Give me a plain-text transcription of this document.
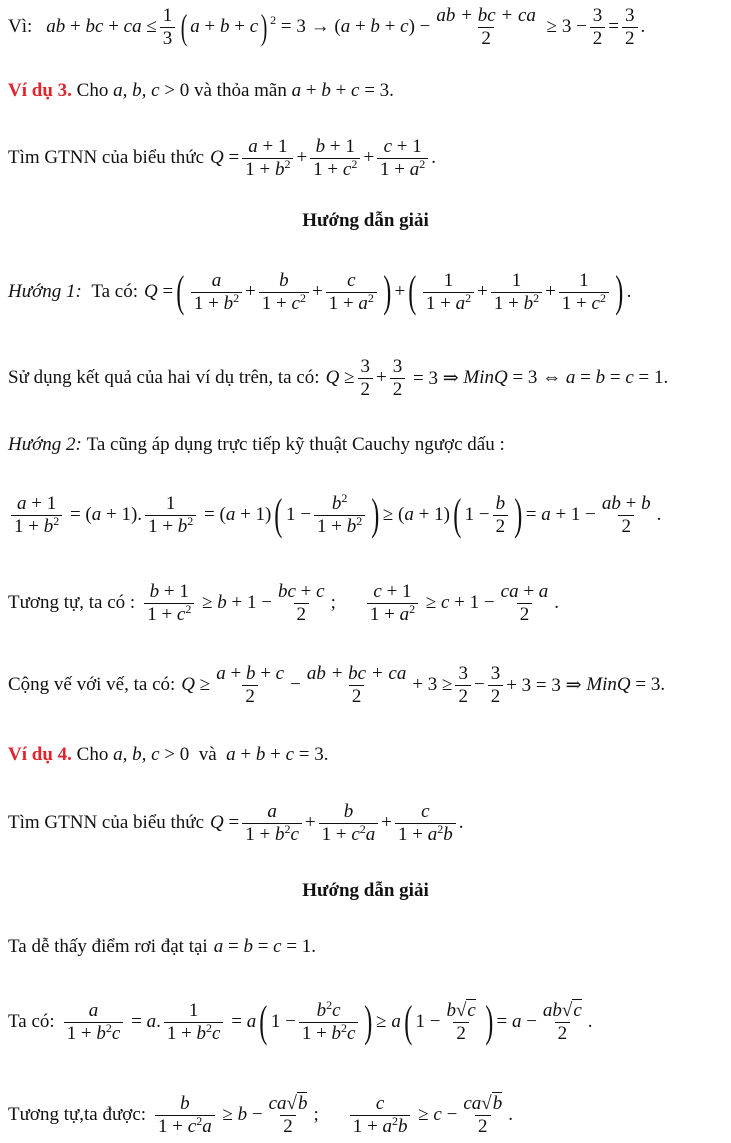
Vì: ab + bc + ca ≤ $\frac{1}{3}$ ( a + b + c ) 2 = 3 → ( a + b + c ) − $\frac{ab + bc + ca}{2} \ge 3 - \frac{3}{2} = \frac{3}{2}$ .
Ví dụ 3.
Cho
a, b, c > 0 và thỏa mãn
a + b + c = 3.
Tìm GTNN của biểu thức $Q = \frac{a + 1}{1 + b^2} + \frac{b + 1}{1 + c^2} + \frac{c + 1}{1 + a^2}$ .
Hướng dẫn giải
Hướng 1:
Ta có: Q = ( $\frac{a}{1 + b^2} + \frac{b}{1 + c^2} + \frac{c}{1 + a^2}$ ) + ( $\frac{1}{1 + a^2} + \frac{1}{1 + b^2} + \frac{1}{1 + c^2}$ ) .
Sử dụng kết quả của hai ví dụ trên, ta có: $Q \ge \frac{3}{2} + \frac{3}{2} = 3$ ⇒ MinQ = 3 ⇔ a = b = c = 1.
Hướng 2:
Ta cũng áp dụng trực tiếp kỹ thuật Cauchy ngược dấu :
$\frac{a + 1}{1 + b^2}$ = ( a + 1). $\frac{1}{1 + b^2}$ = ( a + 1) ( $1 - \frac{b^2}{1 + b^2}$ ) ≥ ( a + 1) ( $1 - \frac{b}{2}$ ) = $a + 1 - \frac{ab + b}{2}$ .
Tương tự, ta có : $\frac{b + 1}{1 + c^2} \ge b + 1 - \frac{bc + c}{2}$ ; $\frac{c + 1}{1 + a^2} \ge c + 1 - \frac{ca + a}{2}$ .
Cộng vế với vế, ta có: $Q \ge \frac{a + b + c}{2} - \frac{ab + bc + ca}{2} + 3 \ge \frac{3}{2} - \frac{3}{2} + 3 = 3$ ⇒ MinQ = 3.
Ví dụ 4.
Cho
a, b, c > 0 và
a + b + c = 3.
Tìm GTNN của biểu thức $Q = \frac{a}{1 + b^2c} + \frac{b}{1 + c^2a} + \frac{c}{1 + a^2b}$ .
Hướng dẫn giải
Ta dễ thấy điểm rơi đạt tại a = b = c = 1.
Ta có: $\frac{a}{1 + b^2c} = a$ . $\frac{1}{1 + b^2c} = a$ ( $1 - \frac{b^2c}{1 + b^2c}$ ) ≥ a ( $1 - \frac{b√c}{2}$ ) = $a - \frac{ab√c}{2}$ .
Tương tự,ta được: $\frac{b}{1 + c^2a} \ge b - \frac{ca√b}{2}$ ; $\frac{c}{1 + a^2b} \ge c - \frac{ca√b}{2}$ .
